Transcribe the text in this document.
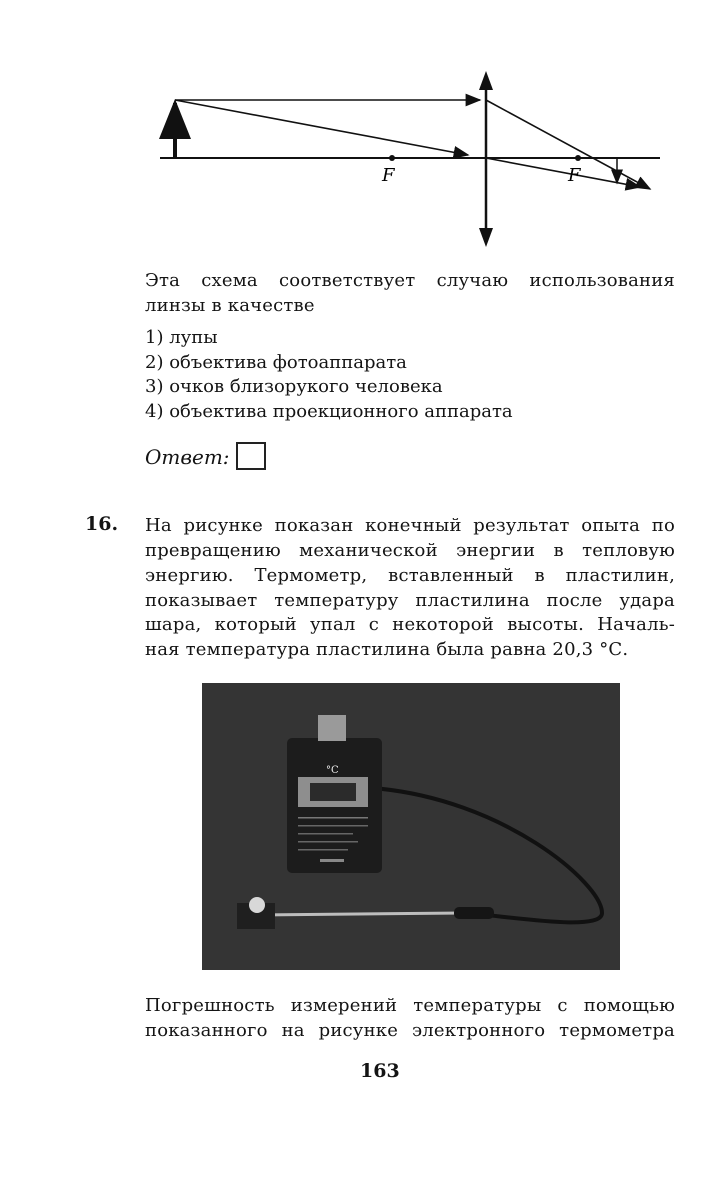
F	F
Эта схема соответствует случаю использования
линзы в качестве
1) лупы
2) объектива фотоаппарата
3) очков близорукого человека
4) объектива проекционного аппарата
Ответ:
16. На рисунке показан конечный результат опыта по
превращению механической энергии в тепловую
энергию. Термометр, вставленный в пластилин,
показывает температуру пластилина после удара
шара, который упал с некоторой высоты. Началь-
ная температура пластилина была равна 20,3 °С.
°C
Погрешность измерений температуры с помощью
показанного на рисунке электронного термометра
163
